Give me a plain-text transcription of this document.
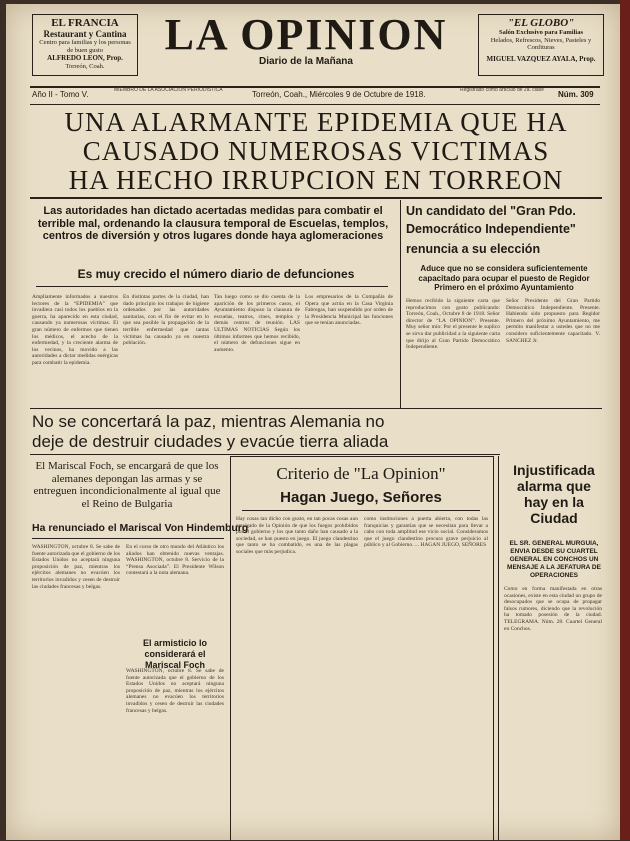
EL FRANCIA
Restaurant y Cantina
Centro para familias y los personas de buen gusto
ALFREDO LEON, Prop.
Torreón, Coah.
LA OPINION
Diario de la Mañana
"EL GLOBO"
Salón Exclusivo para Familias
Helados, Refrescos, Nieves, Pasteles y Confituras
MIGUEL VAZQUEZ AYALA, Prop.
Año II - Tomo V.	MIEMBRO DE LA ASOCIACION PERIODISTICA	Torreón, Coah., Miércoles 9 de Octubre de 1918.	Registrado como artículo de 2a. clase	Núm. 309
UNA ALARMANTE EPIDEMIA QUE HA
CAUSADO NUMEROSAS VICTIMAS
HA HECHO IRRUPCION EN TORREON
Las autoridades han dictado acertadas medidas para combatir el terrible mal, ordenando la clausura temporal de Escuelas, templos, centros de diversión y otros lugares donde haya aglomeraciones
Es muy crecido el número diario de defunciones
Ampliamente informados a nuestros lectores de la “EPIDEMIA” que invadiera casi todos los pueblos en la guerra, ha aparecido en esta ciudad, causando ya numerosas víctimas. El gran número de enfermos que tienen los médicos, el acecho de la enfermedad, y la creciente alarma de los vecinos, ha movido a las autoridades a dictar medidas enérgicas para combatir la epidemia.
En distintas partes de la ciudad, han dado principio los trabajos de higiene ordenados por las autoridades sanitarias, con el fin de evitar en lo que sea posible la propagación de la terrible enfermedad que tantas víctimas ha causado ya en nuestra población.
Tan luego como se dio cuenta de la aparición de los primeros casos, el Ayuntamiento dispuso la clausura de escuelas, teatros, cines, templos y demás centros de reunión. LAS ULTIMAS NOTICIAS Según los últimos informes que hemos recibido, el número de defunciones sigue en aumento.
Los empresarios de la Compañía de Opera que actúa en la Casa Virginia Fabregas, han suspendido por orden de la Presidencia Municipal las funciones que se tenían anunciadas.
Un candidato del "Gran Pdo.
Democrático Independiente"
renuncia a su elección
Aduce que no se considera suficientemente capacitado para ocupar el puesto de Regidor Primero en el próximo Ayuntamiento
Hemos recibido la siguiente carta que reproducimos con gusto publicando: Torreón, Coah., Octubre 8 de 1918. Señor director de “LA OPINION”. Presente. Muy señor mío: Por el presente le suplico se sirva dar publicidad a la siguiente carta que dirijo al Gran Partido Democrático Independiente.
Señor Presidente del Gran Partido Democrático Independiente. Presente. Habiendo sido propuesto para Regidor Primero del próximo Ayuntamiento, me permito manifestar a ustedes que no me considero suficientemente capacitado. V. SANCHEZ Jr.
No se concertará la paz, mientras Alemania no
deje de destruir ciudades y evacúe tierra aliada
El Mariscal Foch, se encargará de que los alemanes depongan las armas y se entreguen incondicionalmente al igual que el Reino de Bulgaria
Ha renunciado el Mariscal Von Hindemburg
WASHINGTON, octubre 8. Se sabe de fuente autorizada que el gobierno de los Estados Unidos no aceptará ninguna proposición de paz, mientras los ejércitos alemanes no evacúen los territorios invadidos y cesen de destruir las ciudades francesas y belgas.
En el curso de otro mundo del Atlántico los aliados han obtenido nuevas ventajas. WASHINGTON, octubre 8. Servicio de la “Prensa Asociada”. El Presidente Wilson contestará a la nota alemana.
El armisticio lo considerará el Mariscal Foch
WASHINGTON, octubre 8. Se sabe de fuente autorizada que el gobierno de los Estados Unidos no aceptará ninguna proposición de paz, mientras los ejércitos alemanes no evacúen los territorios invadidos y cesen de destruir las ciudades francesas y belgas.
Criterio de "La Opinion"
Hagan Juego, Señores
Hay cosas tan dicho con gusto, en tan pocas cosas aun arraigado de la Opinión de que los fuegos prohibidos por el gobierno y los que tanto daño han causado a la sociedad, se han puesto en juego. El juego clandestino que tanto se ha combatido, es una de las plagas sociales que más perjudica.
como instituciones a puerta abierta, con todas las franquicias y garantías que se necesitan para llevar a cabo con toda amplitud ese vicio social. Consideramos que el juego clandestino procura grave perjuicio al público y al Gobierno. ... HAGAN JUEGO, SEÑORES
Injustificada alarma que hay en la Ciudad
EL SR. GENERAL MURGUIA, ENVIA DESDE SU CUARTEL GENERAL EN CONCHOS UN MENSAJE A LA JEFATURA DE OPERACIONES
Como en forma manifestada en otras ocasiones, existe en esta ciudad un grupo de desocupados que se ocupa de propagar falsos rumores, diciendo que la revolución ha tomado posesión de la ciudad. TELEGRAMA. Núm. 28. Cuartel General en Conchos.
